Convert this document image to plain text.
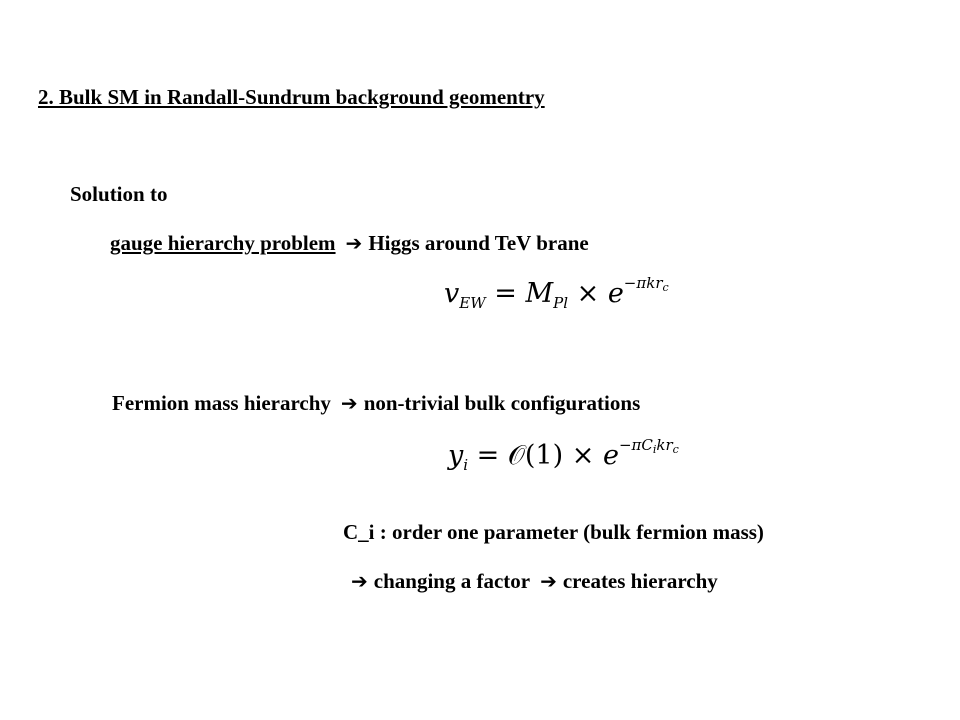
2. Bulk SM in Randall-Sundrum background geomentry
Solution to
gauge hierarchy problem ➔ Higgs around TeV brane
$v_{EW} = M_{Pl} \times e^{-\pi kr_c}$
Fermion mass hierarchy ➔ non-trivial bulk configurations
$y_i$ = 𝒪(1) × $e^{-\pi C_ikr_c}$
C_i : order one parameter (bulk fermion mass)
➔ changing a factor ➔ creates hierarchy
